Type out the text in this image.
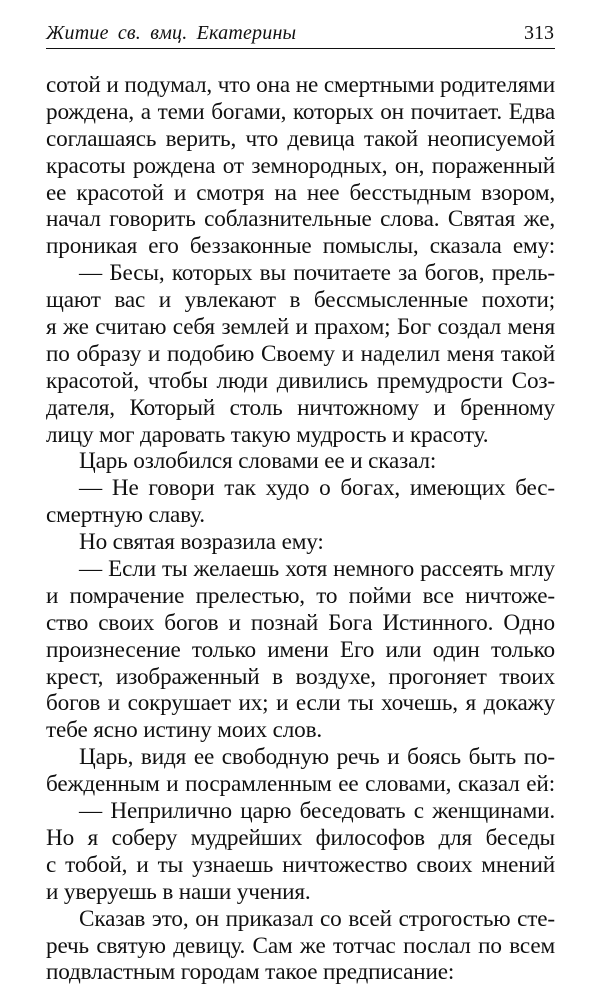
Житие св. вмц. Екатерины	313
сотой и подумал, что она не смертными родителями
рождена, а теми богами, которых он почитает. Едва
соглашаясь верить, что девица такой неописуемой
красоты рождена от земнородных, он, пораженный
ее красотой и смотря на нее бесстыдным взором,
начал говорить соблазнительные слова. Святая же,
проникая его беззаконные помыслы, сказала ему:
— Бесы, которых вы почитаете за богов, прель-
щают вас и увлекают в бессмысленные похоти;
я же считаю себя землей и прахом; Бог создал меня
по образу и подобию Своему и наделил меня такой
красотой, чтобы люди дивились премудрости Соз-
дателя, Который столь ничтожному и бренному
лицу мог даровать такую мудрость и красоту.
Царь озлобился словами ее и сказал:
— Не говори так худо о богах, имеющих бес-
смертную славу.
Но святая возразила ему:
— Если ты желаешь хотя немного рассеять мглу
и помрачение прелестью, то пойми все ничтоже-
ство своих богов и познай Бога Истинного. Одно
произнесение только имени Его или один только
крест, изображенный в воздухе, прогоняет твоих
богов и сокрушает их; и если ты хочешь, я докажу
тебе ясно истину моих слов.
Царь, видя ее свободную речь и боясь быть по-
бежденным и посрамленным ее словами, сказал ей:
— Неприлично царю беседовать с женщинами.
Но я соберу мудрейших философов для беседы
с тобой, и ты узнаешь ничтожество своих мнений
и уверуешь в наши учения.
Сказав это, он приказал со всей строгостью сте-
речь святую девицу. Сам же тотчас послал по всем
подвластным городам такое предписание:
